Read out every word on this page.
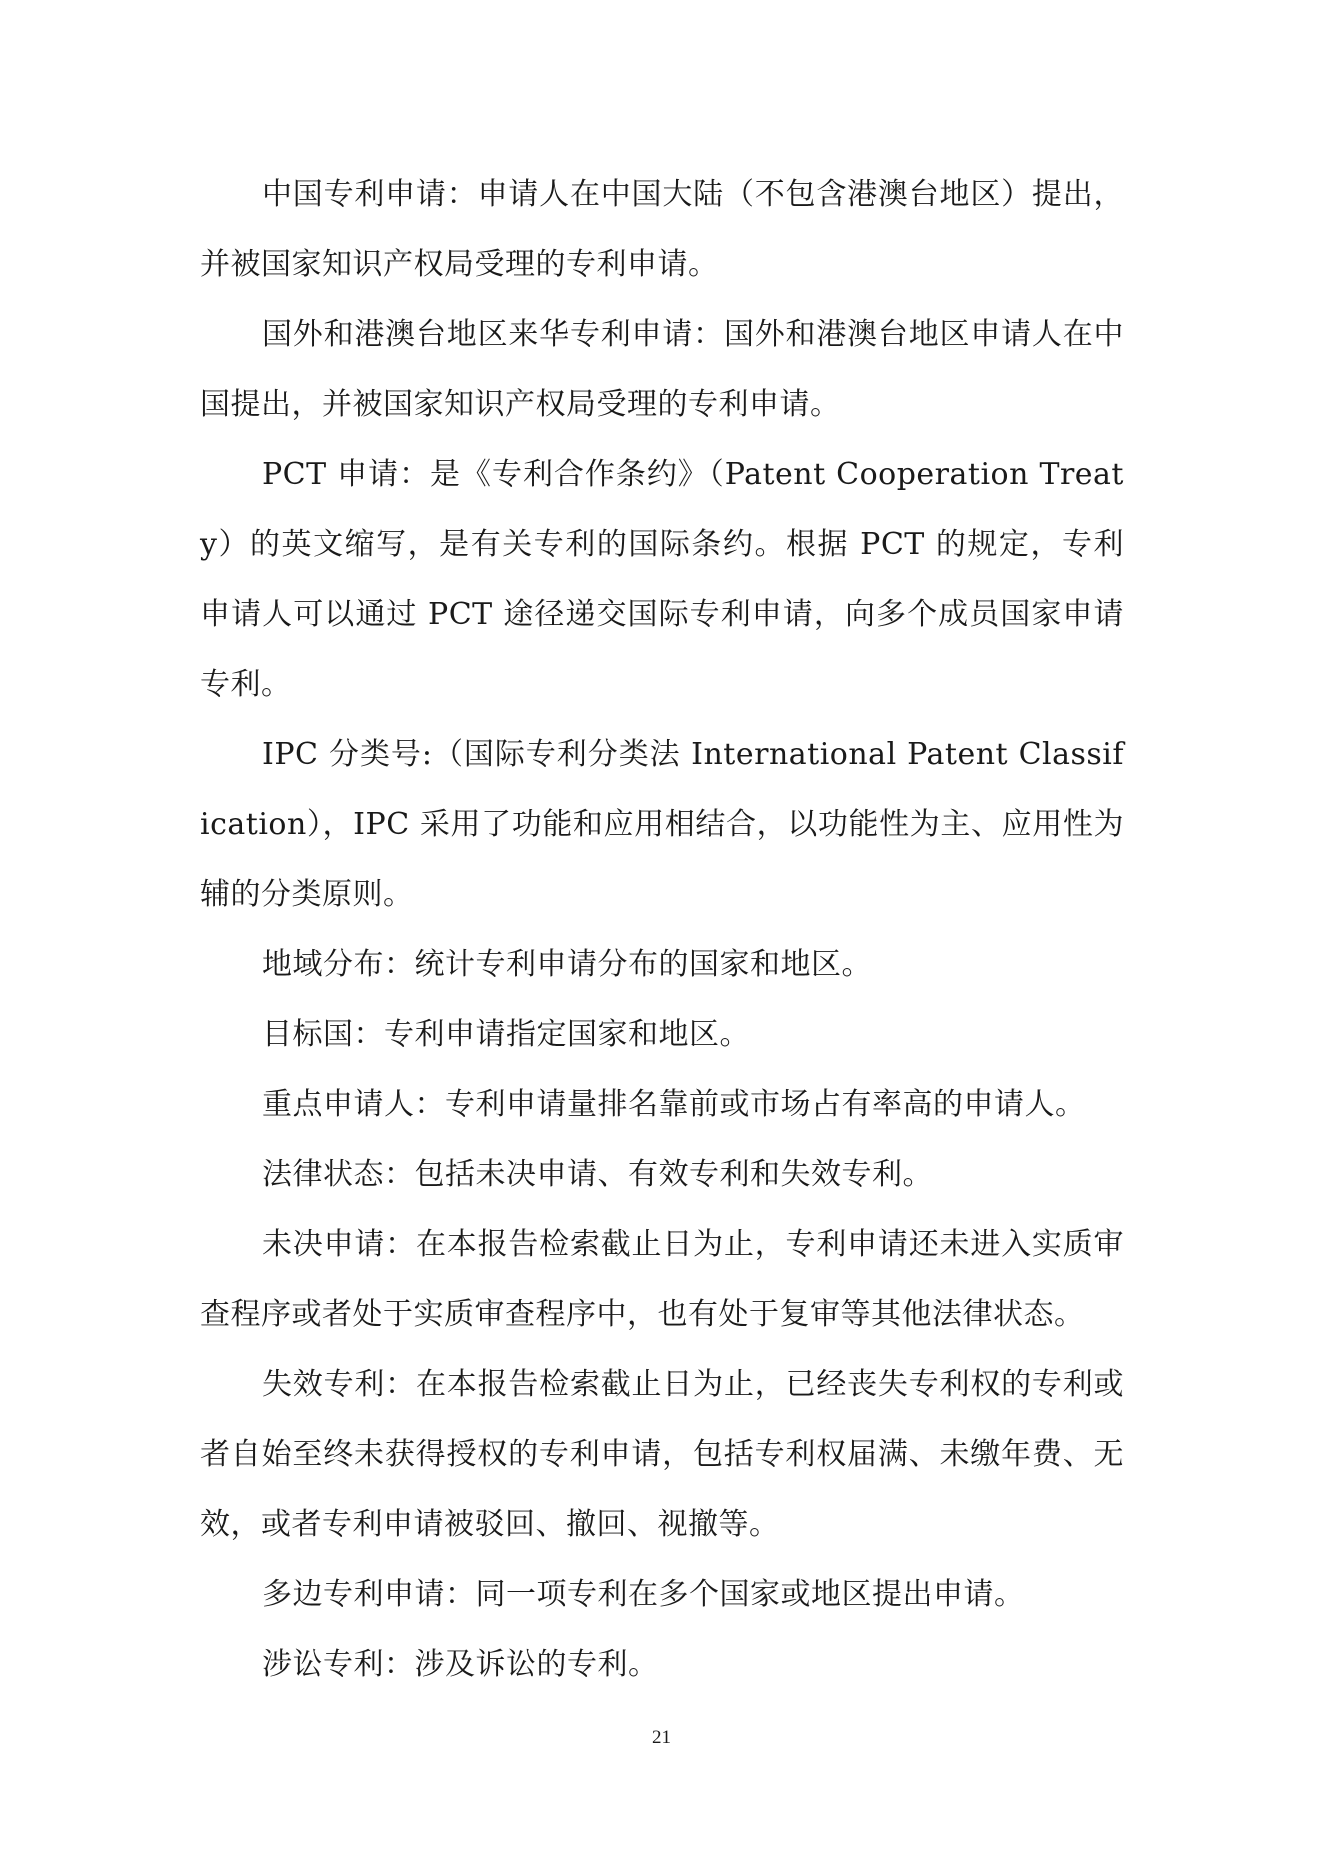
中国专利申请：申请人在中国大陆（不包含港澳台地区）提出，并被国家知识产权局受理的专利申请。

国外和港澳台地区来华专利申请：国外和港澳台地区申请人在中国提出，并被国家知识产权局受理的专利申请。

PCT 申请：是《专利合作条约》（Patent Cooperation Treaty）的英文缩写，是有关专利的国际条约。根据 PCT 的规定，专利申请人可以通过 PCT 途径递交国际专利申请，向多个成员国家申请专利。

IPC 分类号:（国际专利分类法 International Patent Classification），IPC 采用了功能和应用相结合，以功能性为主、应用性为辅的分类原则。

地域分布：统计专利申请分布的国家和地区。

目标国：专利申请指定国家和地区。

重点申请人：专利申请量排名靠前或市场占有率高的申请人。

法律状态：包括未决申请、有效专利和失效专利。

未决申请：在本报告检索截止日为止，专利申请还未进入实质审查程序或者处于实质审查程序中，也有处于复审等其他法律状态。

失效专利：在本报告检索截止日为止，已经丧失专利权的专利或者自始至终未获得授权的专利申请，包括专利权届满、未缴年费、无效，或者专利申请被驳回、撤回、视撤等。

多边专利申请：同一项专利在多个国家或地区提出申请。

涉讼专利：涉及诉讼的专利。

21
